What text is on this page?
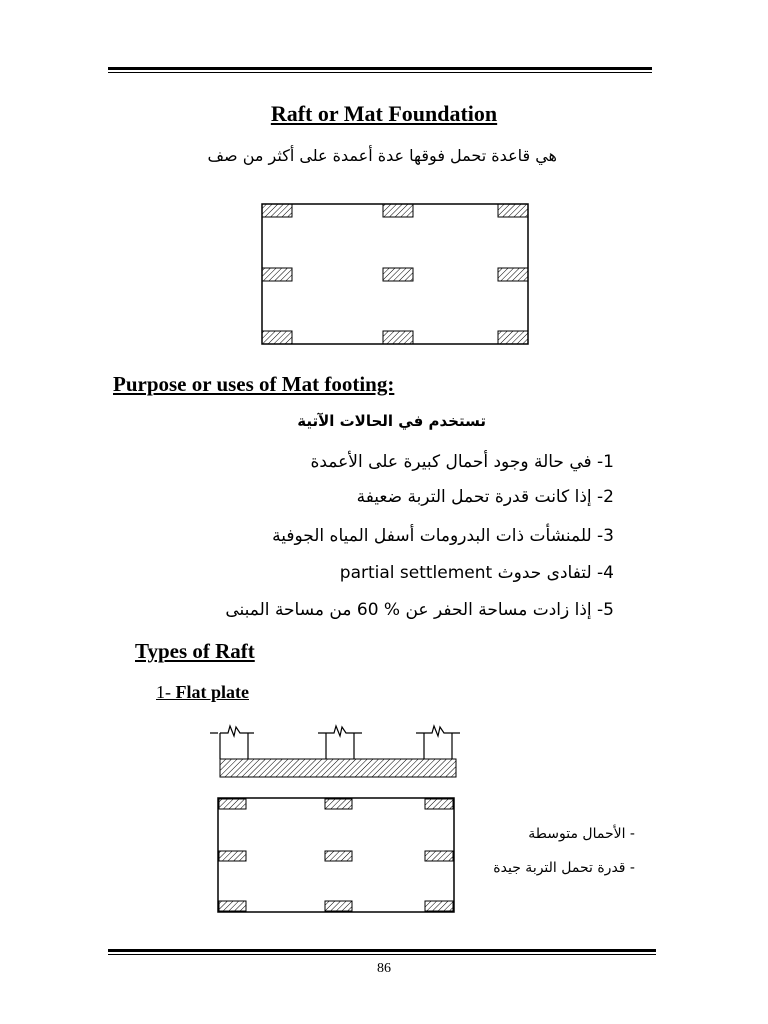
Raft or Mat Foundation
هي قاعدة تحمل فوقها عدة أعمدة على أكثر من صف
Purpose or uses of Mat footing:
تستخدم في الحالات الآتية
1- في حالة وجود أحمال كبيرة على الأعمدة
2- إذا كانت قدرة تحمل التربة ضعيفة
3- للمنشأت ذات البدرومات أسفل المياه الجوفية
4- لتفادى حدوث partial settlement
5- إذا زادت مساحة الحفر عن % 60 من مساحة المبنى
Types of Raft
1- Flat plate
- الأحمال متوسطة
- قدرة تحمل التربة جيدة
86
